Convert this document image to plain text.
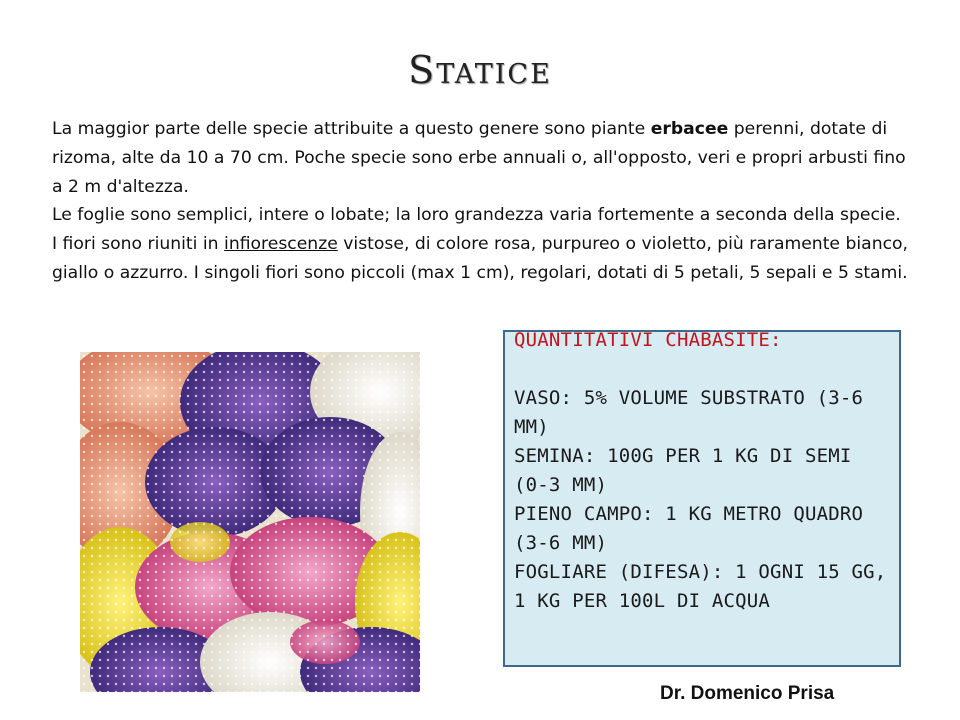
Statice

La maggior parte delle specie attribuite a questo genere sono piante erbacee perenni, dotate di rizoma, alte da 10 a 70 cm. Poche specie sono erbe annuali o, all'opposto, veri e propri arbusti fino a 2 m d'altezza.

Le foglie sono semplici, intere o lobate; la loro grandezza varia fortemente a seconda della specie.

I fiori sono riuniti in infiorescenze vistose, di colore rosa, purpureo o violetto, più raramente bianco, giallo o azzurro. I singoli fiori sono piccoli (max 1 cm), regolari, dotati di 5 petali, 5 sepali e 5 stami.

QUANTITATIVI CHABASITE:
VASO: 5% VOLUME SUBSTRATO (3-6 MM)
SEMINA: 100G PER 1 KG DI SEMI (0-3 MM)
PIENO CAMPO: 1 KG METRO QUADRO (3-6 MM)
FOGLIARE (DIFESA): 1 OGNI 15 GG, 1 KG PER 100L DI ACQUA
Dr. Domenico Prisa
